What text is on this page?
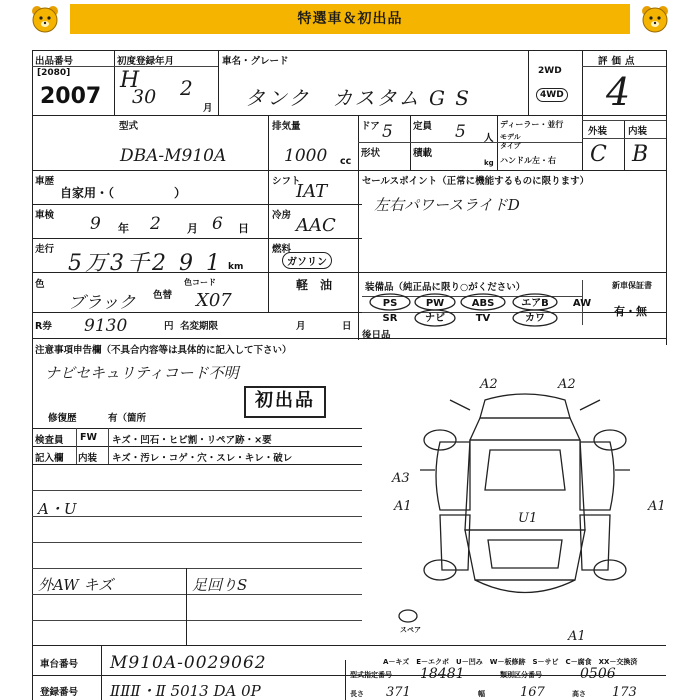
特選車＆初出品
出品番号
[2080]
2007
初度登録年月
H
30 2
月
車名・グレード
タンク　カスタム G S
2WD
4WD
評価点
4
型式
DBA-M910A
排気量
1000 cc
ドア 5 定員 5 人
形状	積載
kg
ディーラー・並行
モデル
タイプ
ハンドル 左・右
外装 内装
C B
車歴
自家用・（　　　　　）
シフト
IAT	セールスポイント（正常に機能するものに限ります）
左右パワースライドD
車検 9 年 2 月 6 日
冷房 AAC
走行
5万3千2 9 1 km
燃料
ガソリン
軽　油
色
ブラック 色替
色コード
X07
装備品（純正品に限り○がください）
PS	PW	ABS	エアB	AW
SR	ナビ	TV	カワ
新車保証書
有・無
R券 9130	円 名変期限	月	日
後日品
注意事項申告欄（不具合内容等は具体的に記入して下さい）
ナビセキュリティコード不明
修復歴	有（箇所
初出品
検査員
記入欄
FW キズ・凹石・ヒビ割・リペア跡・×要
内装 キズ・汚レ・コゲ・穴・スレ・キレ・破レ
A・U
外AW キズ	足回りS
A2	A2
A3
A1	A1
U1
A1
スペア
A－キズ　E－エクボ　U－凹み　W－板修跡　S－サビ　C－腐食　XX－交換済
車台番号 M910A-0029062
登録番号 ⅡⅡⅡ・Ⅱ 5013 DA 0P
型式指定番号 18481	類別区分番号	0506
長さ 371	幅	167	高さ 173
